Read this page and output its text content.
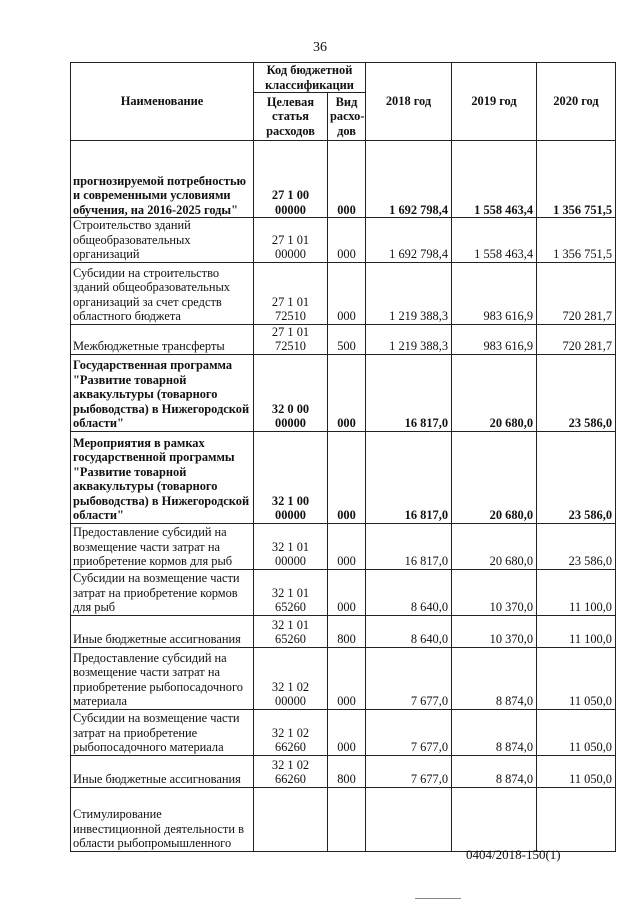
36
Наименование	Код бюджетной классификации		2018 год	2019 год	2020 год
	Целевая статья расходов	Вид расхо-дов			
прогнозируемой потребностью и современными условиями обучения, на 2016-2025 годы"	27 1 00 00000	000	1 692 798,4	1 558 463,4	1 356 751,5
Строительство зданий общеобразовательных организаций	27 1 01 00000	000	1 692 798,4	1 558 463,4	1 356 751,5
Субсидии на строительство зданий общеобразовательных организаций за счет средств областного бюджета	27 1 01 72510	000	1 219 388,3	983 616,9	720 281,7
Межбюджетные трансферты	27 1 01 72510	500	1 219 388,3	983 616,9	720 281,7
Государственная программа "Развитие товарной аквакультуры (товарного рыбоводства) в Нижегородской области"	32 0 00 00000	000	16 817,0	20 680,0	23 586,0
Мероприятия в рамках государственной программы "Развитие товарной аквакультуры (товарного рыбоводства) в Нижегородской области"	32 1 00 00000	000	16 817,0	20 680,0	23 586,0
Предоставление субсидий на возмещение части затрат на приобретение кормов для рыб	32 1 01 00000	000	16 817,0	20 680,0	23 586,0
Субсидии на возмещение части затрат на приобретение кормов для рыб	32 1 01 65260	000	8 640,0	10 370,0	11 100,0
Иные бюджетные ассигнования	32 1 01 65260	800	8 640,0	10 370,0	11 100,0
Предоставление субсидий на возмещение части затрат на приобретение рыбопосадочного материала	32 1 02 00000	000	7 677,0	8 874,0	11 050,0
Субсидии на возмещение части затрат на приобретение рыбопосадочного материала	32 1 02 66260	000	7 677,0	8 874,0	11 050,0
Иные бюджетные ассигнования	32 1 02 66260	800	7 677,0	8 874,0	11 050,0
Стимулирование инвестиционной деятельности в области рыбопромышленного					
0404/2018-150(1)
